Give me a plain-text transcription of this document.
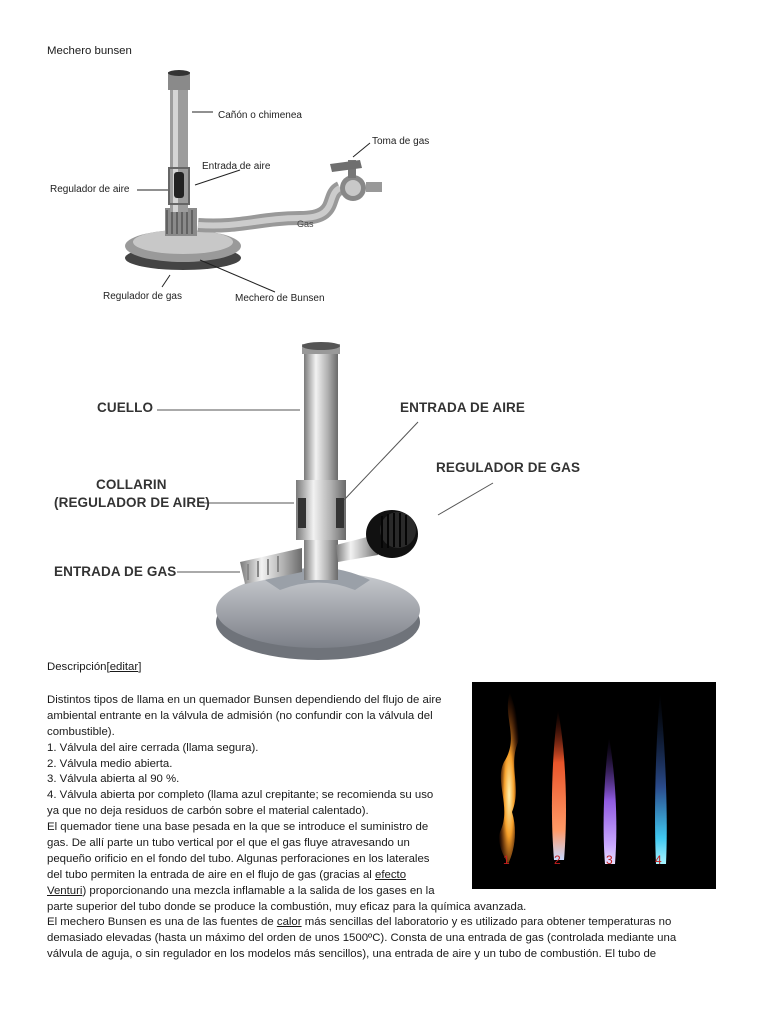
Mechero bunsen
Cañón o chimenea
Toma de gas
Entrada de aire
Regulador de aire
Gas
Regulador de gas	Mechero de Bunsen
CUELLO	ENTRADA DE AIRE
REGULADOR DE GAS
COLLARIN
(REGULADOR DE AIRE)
ENTRADA DE GAS
Descripción[editar]
Distintos tipos de llama en un quemador Bunsen dependiendo del flujo de aire
ambiental entrante en la válvula de admisión (no confundir con la válvula del
combustible).
1. Válvula del aire cerrada (llama segura).
2. Válvula medio abierta.
3. Válvula abierta al 90 %.
4. Válvula abierta por completo (llama azul crepitante; se recomienda su uso
ya que no deja residuos de carbón sobre el material calentado).
El quemador tiene una base pesada en la que se introduce el suministro de
gas. De allí parte un tubo vertical por el que el gas fluye atravesando un
pequeño orificio en el fondo del tubo. Algunas perforaciones en los laterales
del tubo permiten la entrada de aire en el flujo de gas (gracias al efecto
Venturi) proporcionando una mezcla inflamable a la salida de los gases en la
parte superior del tubo donde se produce la combustión, muy eficaz para la química avanzada.
El mechero Bunsen es una de las fuentes de calor más sencillas del laboratorio y es utilizado para obtener temperaturas no
demasiado elevadas (hasta un máximo del orden de unos 1500ºC). Consta de una entrada de gas (controlada mediante una
válvula de aguja, o sin regulador en los modelos más sencillos), una entrada de aire y un tubo de combustión. El tubo de
1	2	3	4
